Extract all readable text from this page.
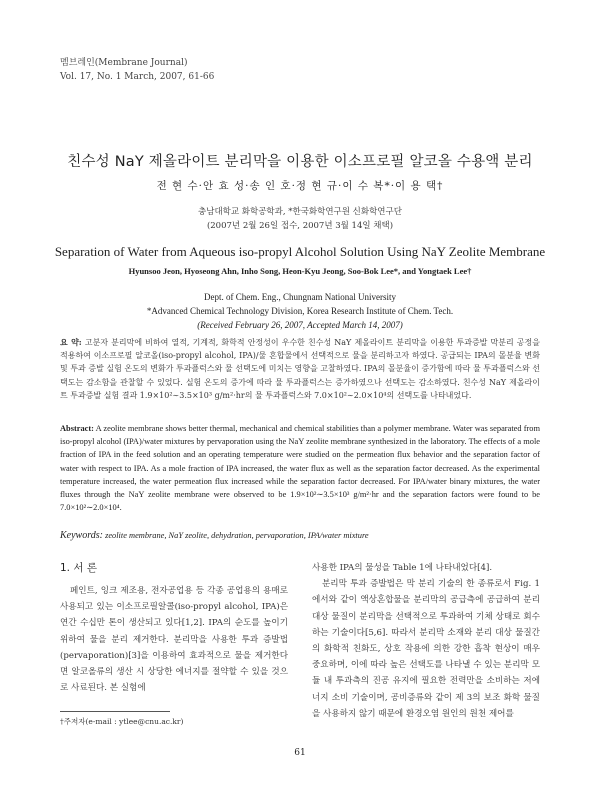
멤브레인(Membrane Journal)
Vol. 17, No. 1 March, 2007, 61-66
친수성 NaY 제올라이트 분리막을 이용한 이소프로필 알코올 수용액 분리
전 현 수·안 효 성·송 인 호·정 현 규·이 수 복*·이 용 택†
충남대학교 화학공학과, *한국화학연구원 신화학연구단
(2007년 2월 26일 접수, 2007년 3월 14일 채택)
Separation of Water from Aqueous iso-propyl Alcohol Solution Using NaY Zeolite Membrane
Hyunsoo Jeon, Hyoseong Ahn, Inho Song, Heon-Kyu Jeong, Soo-Bok Lee*, and Yongtaek Lee†
Dept. of Chem. Eng., Chungnam National University
*Advanced Chemical Technology Division, Korea Research Institute of Chem. Tech.
(Received February 26, 2007, Accepted March 14, 2007)
요 약: 고분자 분리막에 비하여 열적, 기계적, 화학적 안정성이 우수한 친수성 NaY 제올라이트 분리막을 이용한 투과증발 막분리 공정을 적용하여 이소프로필 알코올(iso-propyl alcohol, IPA)/물 혼합물에서 선택적으로 물을 분리하고자 하였다. 공급되는 IPA의 몰분율 변화 및 투과 증발 실험 온도의 변화가 투과플럭스와 물 선택도에 미치는 영향을 고찰하였다. IPA의 몰분율이 증가함에 따라 물 투과플럭스와 선택도는 감소함을 관찰할 수 있었다. 실험 온도의 증가에 따라 물 투과플럭스는 증가하였으나 선택도는 감소하였다. 친수성 NaY 제올라이트 투과증발 실험 결과 1.9×10²∼3.5×10³ g/m²·hr의 물 투과플럭스와 7.0×10²∼2.0×10⁴의 선택도를 나타내었다.
Abstract: A zeolite membrane shows better thermal, mechanical and chemical stabilities than a polymer membrane. Water was separated from iso-propyl alcohol (IPA)/water mixtures by pervaporation using the NaY zeolite membrane synthesized in the laboratory. The effects of a mole fraction of IPA in the feed solution and an operating temperature were studied on the permeation flux behavior and the separation factor of water with respect to IPA. As a mole fraction of IPA increased, the water flux as well as the separation factor decreased. As the experimental temperature increased, the water permeation flux increased while the separation factor decreased. For IPA/water binary mixtures, the water fluxes through the NaY zeolite membrane were observed to be 1.9×10²∼3.5×10³ g/m²·hr and the separation factors were found to be 7.0×10²∼2.0×10⁴.
Keywords: zeolite membrane, NaY zeolite, dehydration, pervaporation, IPA/water mixture
1. 서 론

페인트, 잉크 제조용, 전자공업용 등 각종 공업용의 용매로 사용되고 있는 이소프로필알콜(iso-propyl alcohol, IPA)은 연간 수십만 톤이 생산되고 있다[1,2]. IPA의 순도를 높이기 위하여 물을 분리 제거한다. 분리막을 사용한 투과 증발법(pervaporation)[3]을 이용하여 효과적으로 물을 제거한다면 알코올류의 생산 시 상당한 에너지를 절약할 수 있을 것으로 사료된다. 본 실험에

사용한 IPA의 물성을 Table 1에 나타내었다[4].

분리막 투과 증발법은 막 분리 기술의 한 종류로서 Fig. 1에서와 같이 액상혼합물을 분리막의 공급측에 공급하여 분리 대상 물질이 분리막을 선택적으로 투과하여 기체 상태로 회수하는 기술이다[5,6]. 따라서 분리막 소재와 분리 대상 물질간의 화학적 친화도, 상호 작용에 의한 강한 흡착 현상이 매우 중요하며, 이에 따라 높은 선택도를 나타낼 수 있는 분리막 모듈 내 투과측의 진공 유지에 필요한 전력만을 소비하는 저에너지 소비 기술이며, 공비증류와 같이 제 3의 보조 화학 물질을 사용하지 않기 때문에 환경오염 원인의 원천 제어를

†주저자(e-mail : ytlee@cnu.ac.kr)
61
